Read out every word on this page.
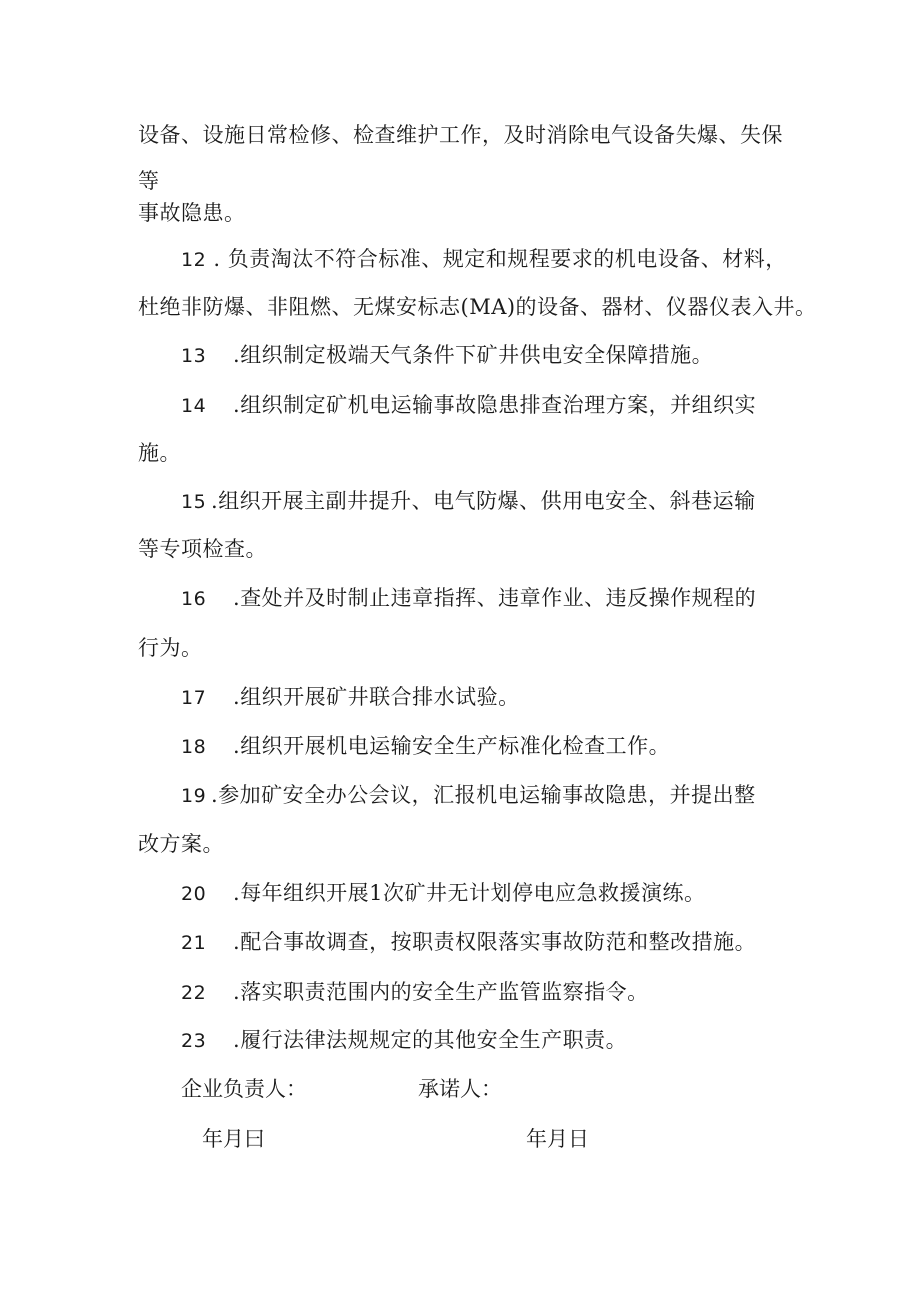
设备、设施日常检修、检查维护工作，及时消除电气设备失爆、失保
等
事故隐患。
12 . 负责淘汰不符合标准、规定和规程要求的机电设备、材料，
杜绝非防爆、非阻燃、无煤安标志(MA)的设备、器材、仪器仪表入井。
13 .组织制定极端天气条件下矿井供电安全保障措施。
14 .组织制定矿机电运输事故隐患排查治理方案，并组织实
施。
15 .组织开展主副井提升、电气防爆、供用电安全、斜巷运输
等专项检查。
16 .查处并及时制止违章指挥、违章作业、违反操作规程的
行为。
17 .组织开展矿井联合排水试验。
18 .组织开展机电运输安全生产标准化检查工作。
19 .参加矿安全办公会议，汇报机电运输事故隐患，并提出整
改方案。
20 .每年组织开展1次矿井无计划停电应急救援演练。
21 .配合事故调查，按职责权限落实事故防范和整改措施。
22 .落实职责范围内的安全生产监管监察指令。
23 .履行法律法规规定的其他安全生产职责。
企业负责人：	承诺人：
年月曰	年月日
